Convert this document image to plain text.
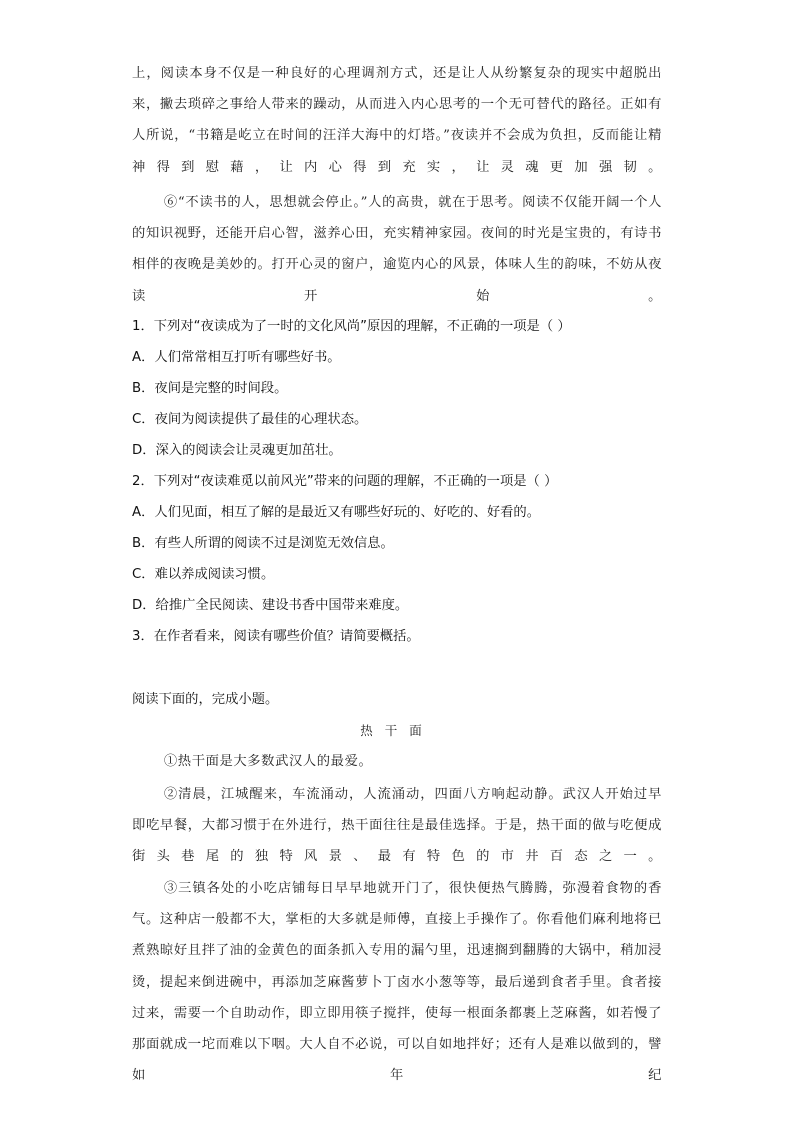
上，阅读本身不仅是一种良好的心理调剂方式，还是让人从纷繁复杂的现实中超脱出来，撇去琐碎之事给人带来的躁动，从而进入内心思考的一个无可替代的路径。正如有人所说，“书籍是屹立在时间的汪洋大海中的灯塔。”夜读并不会成为负担，反而能让精神得到慰藉，让内心得到充实，让灵魂更加强韧。

⑥“不读书的人，思想就会停止。”人的高贵，就在于思考。阅读不仅能开阔一个人的知识视野，还能开启心智，滋养心田，充实精神家园。夜间的时光是宝贵的，有诗书相伴的夜晚是美妙的。打开心灵的窗户，逾览内心的风景，体味人生的韵味，不妨从夜读开始。

1．下列对“夜读成为了一时的文化风尚”原因的理解，不正确的一项是（ ）

A．人们常常相互打听有哪些好书。

B．夜间是完整的时间段。

C．夜间为阅读提供了最佳的心理状态。

D．深入的阅读会让灵魂更加茁壮。

2．下列对“夜读难觅以前风光”带来的问题的理解，不正确的一项是（ ）

A．人们见面，相互了解的是最近又有哪些好玩的、好吃的、好看的。

B．有些人所谓的阅读不过是浏览无效信息。

C．难以养成阅读习惯。

D．给推广全民阅读、建设书香中国带来难度。

3．在作者看来，阅读有哪些价值？请简要概括。

阅读下面的，完成小题。

热干面

①热干面是大多数武汉人的最爱。

②清晨，江城醒来，车流涌动，人流涌动，四面八方响起动静。武汉人开始过早即吃早餐，大都习惯于在外进行，热干面往往是最佳选择。于是，热干面的做与吃便成街头巷尾的独特风景、最有特色的市井百态之一。

③三镇各处的小吃店铺每日早早地就开门了，很快便热气腾腾，弥漫着食物的香气。这种店一般都不大，掌柜的大多就是师傅，直接上手操作了。你看他们麻利地将已煮熟晾好且拌了油的金黄色的面条抓入专用的漏勺里，迅速搁到翻腾的大锅中，稍加浸烫，提起来倒进碗中，再添加芝麻酱萝卜丁卤水小葱等等，最后递到食者手里。食者接过来，需要一个自助动作，即立即用筷子搅拌，使每一根面条都裹上芝麻酱，如若慢了那面就成一坨而难以下咽。大人自不必说，可以自如地拌好；还有人是难以做到的，譬如年纪
